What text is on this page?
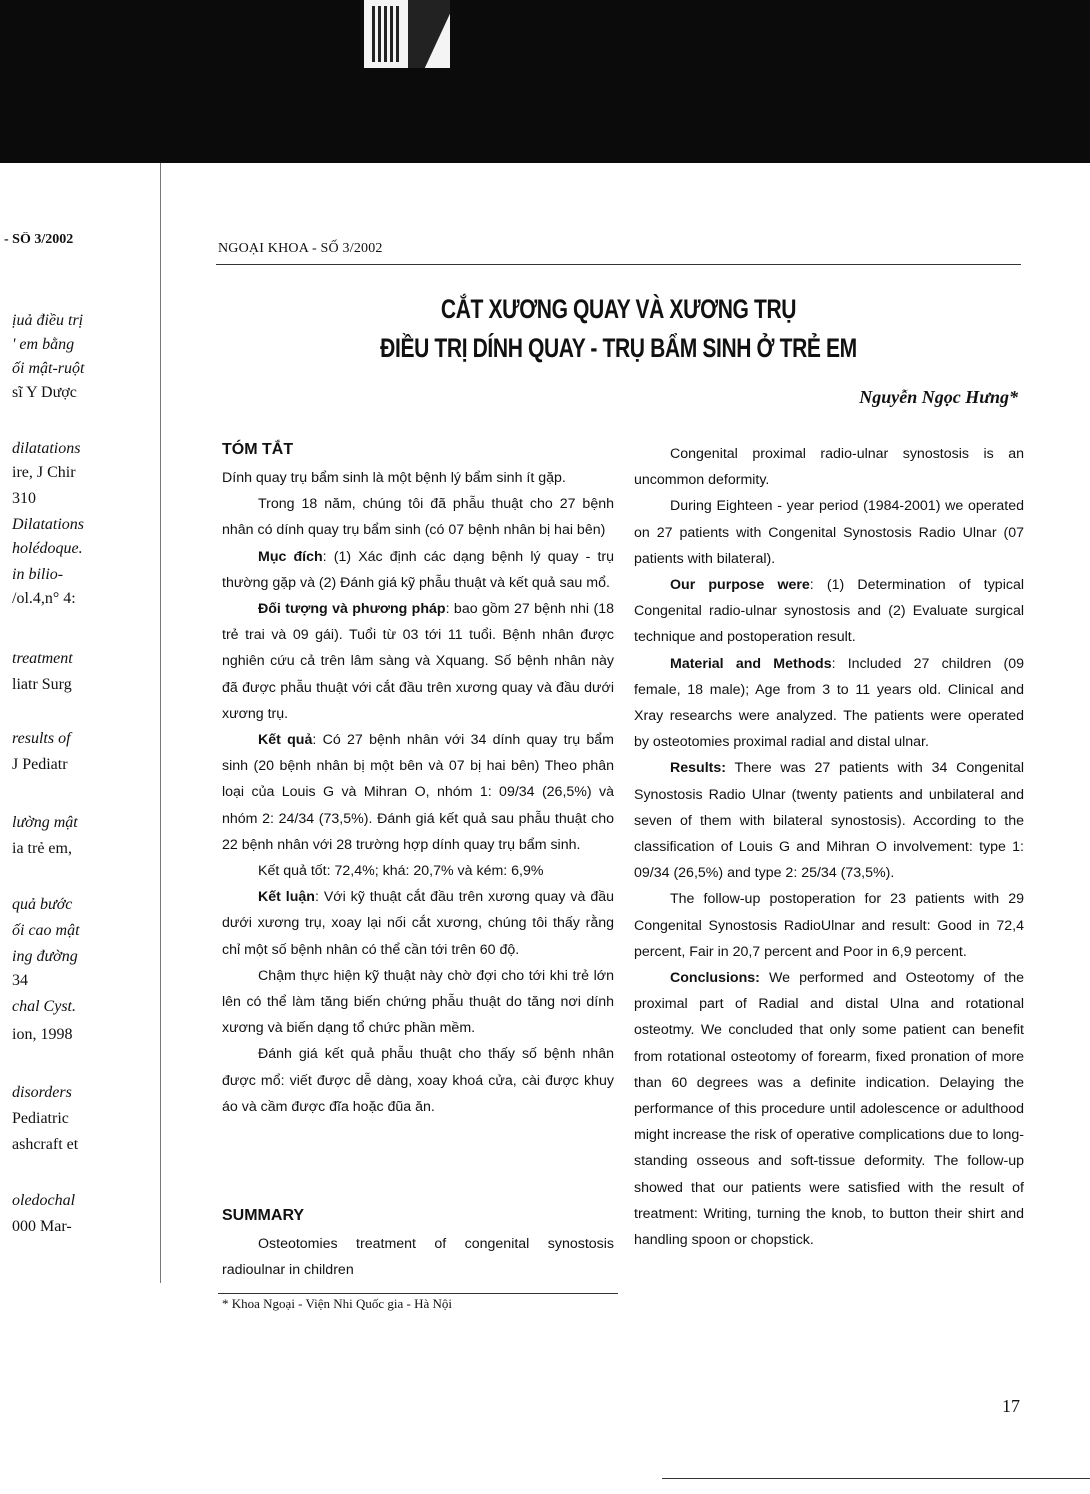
- SỐ 3/2002
ịuả điều trị
' em bằng
ối mật-ruột
sĩ Y Dược
dilatations
ire, J Chir
310
Dilatations
holédoque.
in bilio-
/ol.4,n° 4:
treatment
liatr Surg
results of
J Pediatr
lường mật
ia trẻ em,
quả bước
ối cao mật
ing đường
34
chal Cyst.
ion, 1998
disorders
Pediatric
ashcraft et
oledochal
000 Mar-
NGOẠI KHOA - SỐ 3/2002
CẮT XƯƠNG QUAY VÀ XƯƠNG TRỤ
ĐIỀU TRỊ DÍNH QUAY - TRỤ BẨM SINH Ở TRẺ EM
Nguyễn Ngọc Hưng*
TÓM TẮT

Dính quay trụ bẩm sinh là một bệnh lý bẩm sinh ít gặp.

Trong 18 năm, chúng tôi đã phẫu thuật cho 27 bệnh nhân có dính quay trụ bẩm sinh (có 07 bệnh nhân bị hai bên)

Mục đích: (1) Xác định các dạng bệnh lý quay - trụ thường gặp và (2) Đánh giá kỹ phẫu thuật và kết quả sau mổ.

Đối tượng và phương pháp: bao gồm 27 bệnh nhi (18 trẻ trai và 09 gái). Tuổi từ 03 tới 11 tuổi. Bệnh nhân được nghiên cứu cả trên lâm sàng và Xquang. Số bệnh nhân này đã được phẫu thuật với cắt đầu trên xương quay và đầu dưới xương trụ.

Kết quả: Có 27 bệnh nhân với 34 dính quay trụ bẩm sinh (20 bệnh nhân bị một bên và 07 bị hai bên) Theo phân loại của Louis G và Mihran O, nhóm 1: 09/34 (26,5%) và nhóm 2: 24/34 (73,5%). Đánh giá kết quả sau phẫu thuật cho 22 bệnh nhân với 28 trường hợp dính quay trụ bẩm sinh.

Kết quả tốt: 72,4%; khá: 20,7% và kém: 6,9%

Kết luận: Với kỹ thuật cắt đầu trên xương quay và đầu dưới xương trụ, xoay lại nối cắt xương, chúng tôi thấy rằng chỉ một số bệnh nhân có thể cần tới trên 60 độ.

Chậm thực hiện kỹ thuật này chờ đợi cho tới khi trẻ lớn lên có thể làm tăng biến chứng phẫu thuật do tăng nơi dính xương và biến dạng tổ chức phần mềm.

Đánh giá kết quả phẫu thuật cho thấy số bệnh nhân được mổ: viết được dễ dàng, xoay khoá cửa, cài được khuy áo và cầm được đĩa hoặc đũa ăn.

SUMMARY

Osteotomies treatment of congenital synostosis radioulnar in children

Congenital proximal radio-ulnar synostosis is an uncommon deformity.

During Eighteen - year period (1984-2001) we operated on 27 patients with Congenital Synostosis Radio Ulnar (07 patients with bilateral).

Our purpose were: (1) Determination of typical Congenital radio-ulnar synostosis and (2) Evaluate surgical technique and postoperation result.

Material and Methods: Included 27 children (09 female, 18 male); Age from 3 to 11 years old. Clinical and Xray researchs were analyzed. The patients were operated by osteotomies proximal radial and distal ulnar.

Results: There was 27 patients with 34 Congenital Synostosis Radio Ulnar (twenty patients and unbilateral and seven of them with bilateral synostosis). According to the classification of Louis G and Mihran O involvement: type 1: 09/34 (26,5%) and type 2: 25/34 (73,5%).

The follow-up postoperation for 23 patients with 29 Congenital Synostosis RadioUlnar and result: Good in 72,4 percent, Fair in 20,7 percent and Poor in 6,9 percent.

Conclusions: We performed and Osteotomy of the proximal part of Radial and distal Ulna and rotational osteotmy. We concluded that only some patient can benefit from rotational osteotomy of forearm, fixed pronation of more than 60 degrees was a definite indication. Delaying the performance of this procedure until adolescence or adulthood might increase the risk of operative complications due to long-standing osseous and soft-tissue deformity. The follow-up showed that our patients were satisfied with the result of treatment: Writing, turning the knob, to button their shirt and handling spoon or chopstick.

* Khoa Ngoại - Viện Nhi Quốc gia - Hà Nội
17
